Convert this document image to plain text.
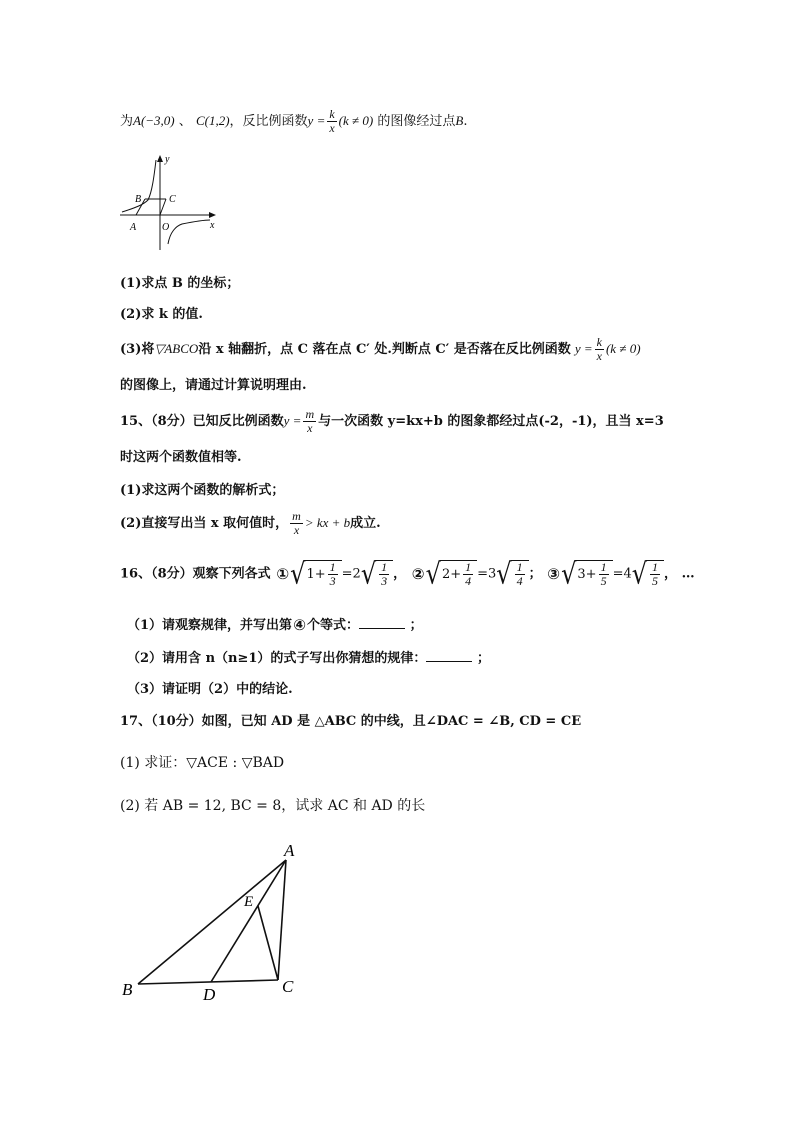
为A(−3,0) 、 C(1,2)，反比例函数$y = \frac{k}{x} (k \ne 0)$ 的图像经过点B.
y
x
B	C
A	O
(1)求点 B 的坐标；
(2)求 k 的值.
(3)将▽ABCO沿 x 轴翻折，点 C 落在点 C′ 处.判断点 C′ 是否落在反比例函数 $y = \frac{k}{x} (k \ne 0)$
的图像上，请通过计算说明理由.
15、（8分）已知反比例函数$y = \frac{m}{x}$ 与一次函数 y=kx+b 的图象都经过点(-2，-1)，且当 x=3
时这两个函数值相等.
(1)求这两个函数的解析式；
(2)直接写出当 x 取何值时， $\frac{m}{x}$ > kx + b成立.
16、（8分）观察下列各式 ① √ $1+ \frac{1}{3} =2$ √ $\frac{1}{3}$ ， ② √ $2+ \frac{1}{4} =3$ √ $\frac{1}{4}$ ； ③ √ $3+ \frac{1}{5} =4$ √ $\frac{1}{5}$ ， …
（1）请观察规律，并写出第④个等式：	；
（2）请用含 n（n≥1）的式子写出你猜想的规律：	；
（3）请证明（2）中的结论.
17、（10分）如图，已知 AD 是 △ABC 的中线，且∠DAC = ∠B, CD = CE
(1) 求证：▽ACE : ▽BAD
(2) 若 AB = 12, BC = 8，试求 AC 和 AD 的长
A
B	C
D
E
